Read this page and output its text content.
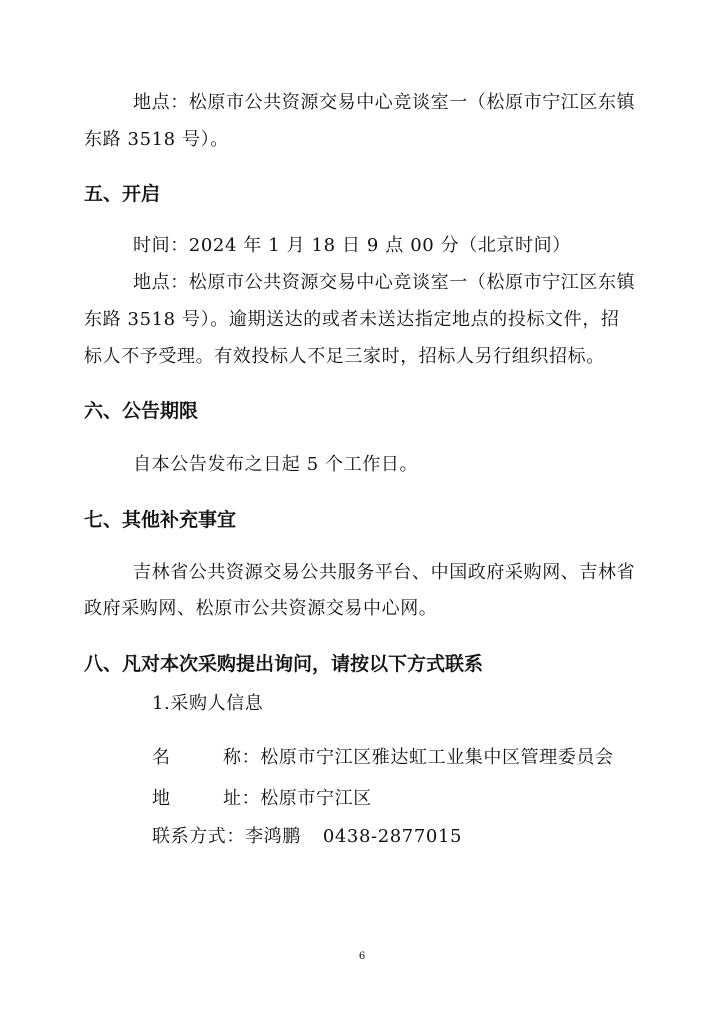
地点：松原市公共资源交易中心竞谈室一（松原市宁江区东镇
东路 3518 号）。
五、开启
时间：2024 年 1 月 18 日 9 点 00 分（北京时间）
地点：松原市公共资源交易中心竞谈室一（松原市宁江区东镇
东路 3518 号）。逾期送达的或者未送达指定地点的投标文件，招
标人不予受理。有效投标人不足三家时，招标人另行组织招标。
六、公告期限
自本公告发布之日起 5 个工作日。
七、其他补充事宜
吉林省公共资源交易公共服务平台、中国政府采购网、吉林省
政府采购网、松原市公共资源交易中心网。
八、凡对本次采购提出询问，请按以下方式联系
1.采购人信息
名	称：松原市宁江区雅达虹工业集中区管理委员会
地	址：松原市宁江区
联系方式：李鸿鹏 0438-2877015
6
